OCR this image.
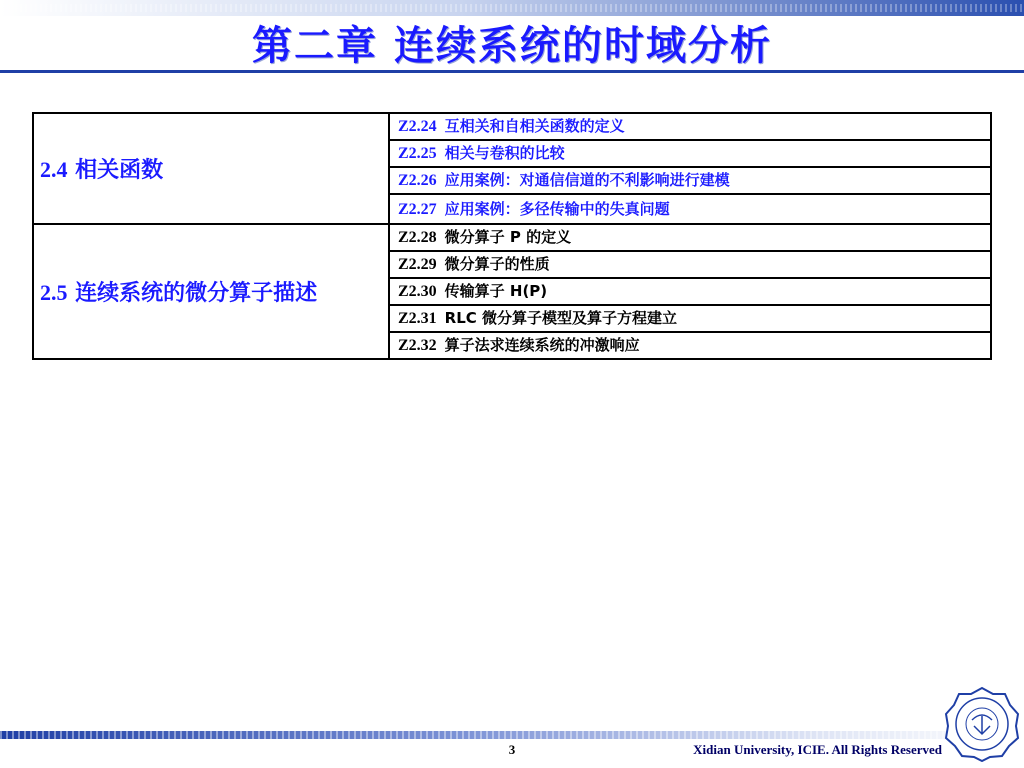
第二章 连续系统的时域分析
2.4 相关函数	Z2.24 互相关和自相关函数的定义
	Z2.25 相关与卷积的比较
	Z2.26 应用案例：对通信信道的不利影响进行建模
	Z2.27 应用案例：多径传输中的失真问题
2.5 连续系统的微分算子描述	Z2.28 微分算子 P 的定义
	Z2.29 微分算子的性质
	Z2.30 传输算子 H(P)
	Z2.31 RLC 微分算子模型及算子方程建立
	Z2.32 算子法求连续系统的冲激响应
3	Xidian University, ICIE. All Rights Reserved
